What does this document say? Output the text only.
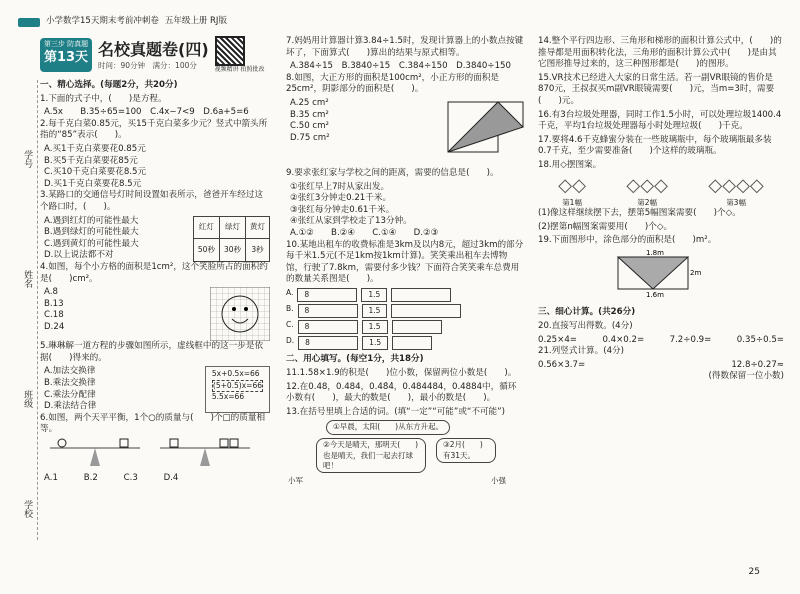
小学数学15天期末考前冲刺卷 五年级上册 RJ版
学号
姓名
班级
学校
第三步 防真题
第13天 名校真题卷(四)
时间：90分钟　 满分：100分	视频精讲 拍照批改
一、精心选择。(每题2分，共20分)
1.下面的式子中，(　　)是方程。
A.5x　　B.35÷65=100　C.4x−7<9　D.6a+5=6
2.每千克白菜0.85元，买15千克白菜多少元？竖式中箭头所指的“85”表示(　　)。
A.买1千克白菜要花0.85元
B.买5千克白菜要花85元
C.买10千克白菜要花8.5元
D.买1千克白菜要花8.5元
3.某路口的交通信号灯时间设置如表所示，爸爸开车经过这个路口时，(　　)。
A.遇到红灯的可能性最大
B.遇到绿灯的可能性最大
C.遇到黄灯的可能性最大
D.以上说法都不对
红灯	绿灯	黄灯
50秒	30秒	3秒
4.如图，每个小方格的面积是1cm²，这个笑脸所占的面积约是(　　)cm²。
A.8
B.13
C.18
D.24
5.琳琳解一道方程的步骤如图所示，虚线框中的这一步是依据(　　)得来的。
A.加法交换律
B.乘法交换律
C.乘法分配律
D.乘法结合律
5x+0.5x=66
(5+0.5)x=66
5.5x=66
6.如图，两个天平平衡，1个○的质量与(　　)个□的质量相等。
A.1　　　B.2　　　C.3　　　D.4
7.妈妈用计算器计算3.84÷1.5时，发现计算器上的小数点按键坏了，下面算式(　　)算出的结果与原式相等。
A.384÷15　B.3840÷15　C.384÷150　D.3840÷150
8.如图，大正方形的面积是100cm²，小正方形的面积是25cm²，阴影部分的面积是(　　)。
A.25 cm²
B.35 cm²
C.50 cm²
D.75 cm²
9.要求张红家与学校之间的距离，需要的信息是(　　)。
①张红早上7时从家出发。
②张红3分钟走0.21千米。
③张红每分钟走0.61千米。
④张红从家到学校走了13分钟。
A.①②　　B.②④　　C.①④　　D.②③
10.某地出租车的收费标准是3km及以内8元，超过3km的部分每千米1.5元(不足1km按1km计算)。笑笑乘出租车去博物馆，行驶了7.8km，需要付多少钱？下面符合笑笑乘车总费用的数量关系图是(　　)。
A.	8	1.5
B.	8	1.5
C.	8	1.5
D.	8	1.5
二、用心填写。(每空1分，共18分)
11.1.58×1.9的积是(　　)位小数，保留两位小数是(　　)。
12.在0.48，0.484，0.48̇4̇，0.484484，0.4884中，循环小数有(　　)，最大的数是(　　)，最小的数是(　　)。
13.在括号里填上合适的词。(填“一定”“可能”或“不可能”)
①早晨，太阳(　　)从东方升起。
②今天是晴天，那明天(　　)也是晴天，我们一起去打球吧！
③2月(　　)有31天。
小军	小强
14.整个平行四边形、三角形和梯形的面积计算公式中，(　　)的推导都是用面积转化法，三角形的面积计算公式中(　　)是由其它图形推导过来的，这三种图形都是(　　)的图形。
15.VR技术已经进入大家的日常生活。若一副VR眼镜的售价是870元，王叔叔买m副VR眼镜需要(　　)元，当m=3时，需要(　　)元。
16.有3台垃圾处理器，同时工作1.5小时，可以处理垃圾1400.4千克，平均1台垃圾处理器每小时处理垃圾(　　)千克。
17.要将4.6千克蜂蜜分装在一些玻璃瓶中，每个玻璃瓶最多装0.7千克，至少需要准备(　　)个这样的玻璃瓶。
18.用◇摆图案。
◇◇
第1幅
◇◇◇
第2幅
◇◇◇◇
第3幅
(1)像这样继续摆下去，摆第5幅图案需要(　　)个◇。
(2)摆第n幅图案需要用(　　)个◇。
19.下面图形中，涂色部分的面积是(　　)m²。
1.8m
2m
1.6m
三、细心计算。(共26分)
20.直接写出得数。(4分)
0.25×4=	0.4×0.2=	7.2÷0.9=	0.35÷0.5=
21.列竖式计算。(4分)
0.56×3.7=	12.8÷0.27≈
(得数保留一位小数)
25
